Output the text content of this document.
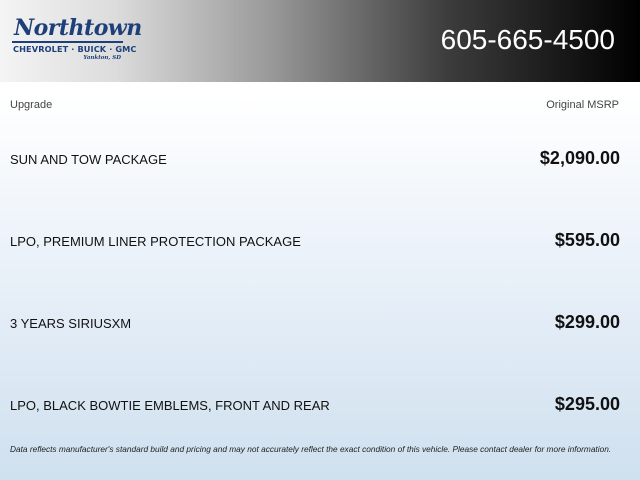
Northtown
CHEVROLET · BUICK · GMC
Yankton, SD
605-665-4500
Upgrade	Original MSRP
SUN AND TOW PACKAGE	$2,090.00
LPO, PREMIUM LINER PROTECTION PACKAGE	$595.00
3 YEARS SIRIUSXM	$299.00
LPO, BLACK BOWTIE EMBLEMS, FRONT AND REAR	$295.00
Data reflects manufacturer's standard build and pricing and may not accurately reflect the exact condition of this vehicle. Please contact dealer for more information.
